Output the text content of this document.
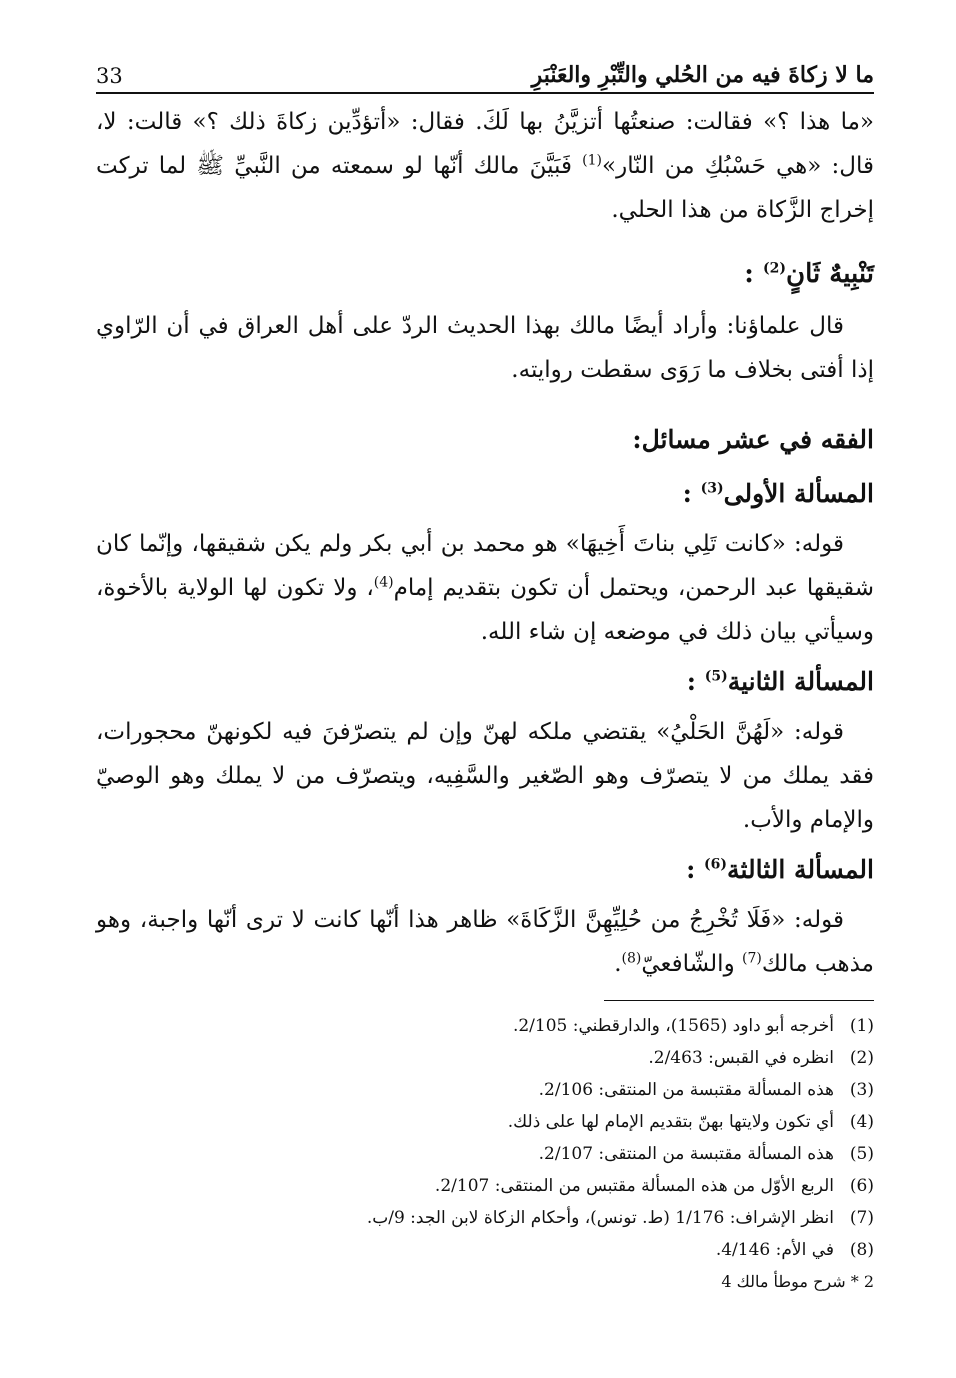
ما لا زكاةَ فيه من الحُلي والتِّبْرِ والعَنْبَرِ
33

«ما هذا ؟» فقالت: صنعتُها أتزيَّنُ بها لَكَ. فقال: «أتؤدِّين زكاةَ ذلك ؟» قالت: لا، قال: «هي حَسْبُكِ من النّار»$^{(1)}$ فَبَيَّنَ مالك أنّها لو سمعته من النَّبيِّ ﷺ لما تركت إخراج الزَّكاة من هذا الحلي.

تَنْبِيهٌ ثَانٍ$^{(2)}$ :

قال علماؤنا: وأراد أيضًا مالك بهذا الحديث الردّ على أهل العراق في أن الرّاوي إذا أفتى بخلاف ما رَوَى سقطت روايته.

الفقه في عشر مسائل:

المسألة الأولى$^{(3)}$ :

قوله: «كانت تَلِي بناتَ أَخِيهَا» هو محمد بن أبي بكر ولم يكن شقيقها، وإنّما كان شقيقها عبد الرحمن، ويحتمل أن تكون بتقديم إمام$^{(4)}$، ولا تكون لها الولاية بالأخوة، وسيأتي بيان ذلك في موضعه إن شاء الله.

المسألة الثانية$^{(5)}$ :

قوله: «لَهُنَّ الحَلْيُ» يقتضي ملكه لهنّ وإن لم يتصرّفنَ فيه لكونهنّ محجورات، فقد يملك من لا يتصرّف وهو الصّغير والسَّفِيه، ويتصرّف من لا يملك وهو الوصيّ والإمام والأب.

المسألة الثالثة$^{(6)}$ :

قوله: «فَلَا تُخْرِجُ من حُلِيِّهِنَّ الزَّكَاةَ» ظاهر هذا أنّها كانت لا ترى أنّها واجبة، وهو مذهب مالك$^{(7)}$ والشّافعيّ$^{(8)}$.

(1)
أخرجه أبو داود (1565)، والدارقطني: 2/105.
(2)
انظره في القبس: 2/463.
(3)
هذه المسألة مقتبسة من المنتقى: 2/106.
(4)
أي تكون ولايتها بهنّ بتقديم الإمام لها على ذلك.
(5)
هذه المسألة مقتبسة من المنتقى: 2/107.
(6)
الربع الأوّل من هذه المسألة مقتبس من المنتقى: 2/107.
(7)
انظر الإشراف: 1/176 (ط. تونس)، وأحكام الزكاة لابن الجد: 9/ب.
(8)
في الأم: 4/146.
2 * شرح موطأ مالك 4
